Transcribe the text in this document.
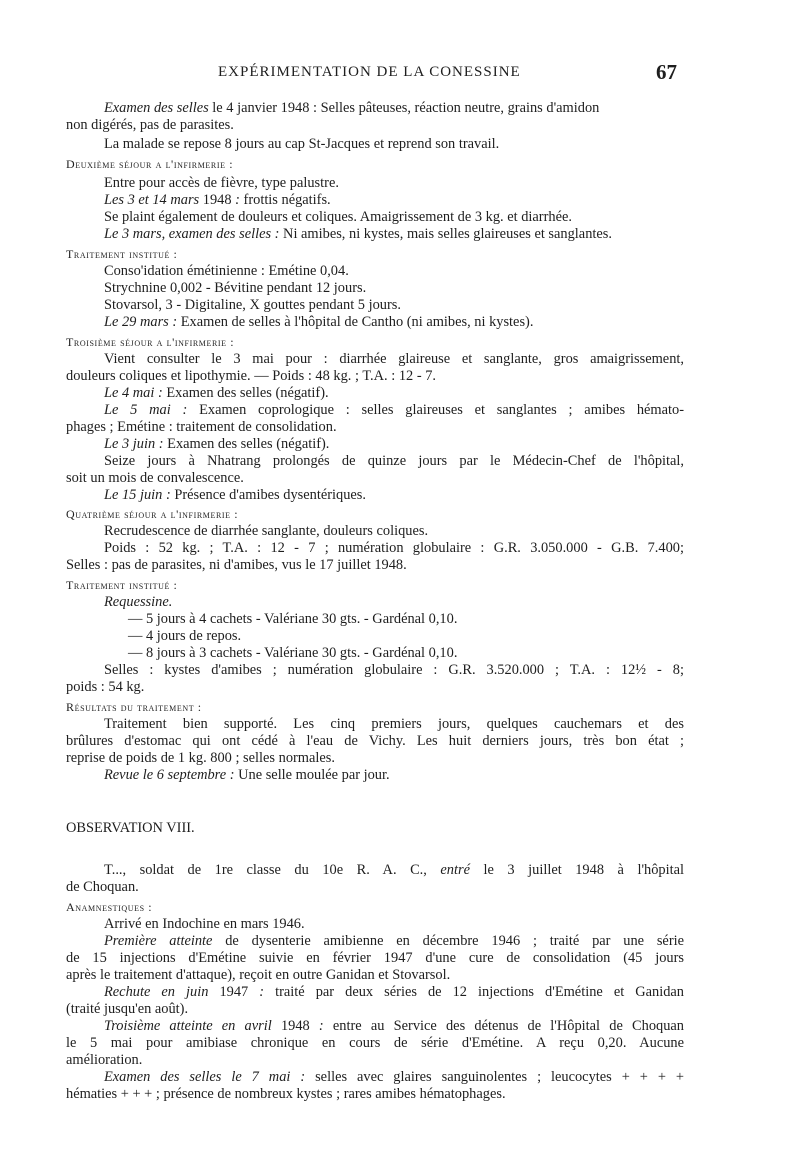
EXPÉRIMENTATION DE LA CONESSINE	67
OBSERVATION VIII.
Examen des selles le 4 janvier 1948 : Selles pâteuses, réaction neutre, grains d'amidon
non digérés, pas de parasites.
La malade se repose 8 jours au cap St-Jacques et reprend son travail.
Deuxième séjour a l'infirmerie :
Entre pour accès de fièvre, type palustre.
Les 3 et 14 mars 1948 : frottis négatifs.
Se plaint également de douleurs et coliques. Amaigrissement de 3 kg. et diarrhée.
Le 3 mars, examen des selles : Ni amibes, ni kystes, mais selles glaireuses et sanglantes.
Traitement institué :
Conso'idation émétinienne : Emétine 0,04.
Strychnine 0,002 - Bévitine pendant 12 jours.
Stovarsol, 3 - Digitaline, X gouttes pendant 5 jours.
Le 29 mars : Examen de selles à l'hôpital de Cantho (ni amibes, ni kystes).
Troisième séjour a l'infirmerie :
Vient consulter le 3 mai pour : diarrhée glaireuse et sanglante, gros amaigrissement,
douleurs coliques et lipothymie. — Poids : 48 kg. ; T.A. : 12 - 7.
Le 4 mai : Examen des selles (négatif).
Le 5 mai : Examen coprologique : selles glaireuses et sanglantes ; amibes hémato-
phages ; Emétine : traitement de consolidation.
Le 3 juin : Examen des selles (négatif).
Seize jours à Nhatrang prolongés de quinze jours par le Médecin-Chef de l'hôpital,
soit un mois de convalescence.
Le 15 juin : Présence d'amibes dysentériques.
Quatrième séjour a l'infirmerie :
Recrudescence de diarrhée sanglante, douleurs coliques.
Poids : 52 kg. ; T.A. : 12 - 7 ; numération globulaire : G.R. 3.050.000 - G.B. 7.400;
Selles : pas de parasites, ni d'amibes, vus le 17 juillet 1948.
Traitement institué :
Requessine.
— 5 jours à 4 cachets - Valériane 30 gts. - Gardénal 0,10.
— 4 jours de repos.
— 8 jours à 3 cachets - Valériane 30 gts. - Gardénal 0,10.
Selles : kystes d'amibes ; numération globulaire : G.R. 3.520.000 ; T.A. : 12½ - 8;
poids : 54 kg.
Résultats du traitement :
Traitement bien supporté. Les cinq premiers jours, quelques cauchemars et des
brûlures d'estomac qui ont cédé à l'eau de Vichy. Les huit derniers jours, très bon état ;
reprise de poids de 1 kg. 800 ; selles normales.
Revue le 6 septembre : Une selle moulée par jour.
T..., soldat de 1re classe du 10e R. A. C., entré le 3 juillet 1948 à l'hôpital
de Choquan.
Anamnestiques :
Arrivé en Indochine en mars 1946.
Première atteinte de dysenterie amibienne en décembre 1946 ; traité par une série
de 15 injections d'Emétine suivie en février 1947 d'une cure de consolidation (45 jours
après le traitement d'attaque), reçoit en outre Ganidan et Stovarsol.
Rechute en juin 1947 : traité par deux séries de 12 injections d'Emétine et Ganidan
(traité jusqu'en août).
Troisième atteinte en avril 1948 : entre au Service des détenus de l'Hôpital de Choquan
le 5 mai pour amibiase chronique en cours de série d'Emétine. A reçu 0,20. Aucune
amélioration.
Examen des selles le 7 mai : selles avec glaires sanguinolentes ; leucocytes + + + +
hématies + + + ; présence de nombreux kystes ; rares amibes hématophages.
